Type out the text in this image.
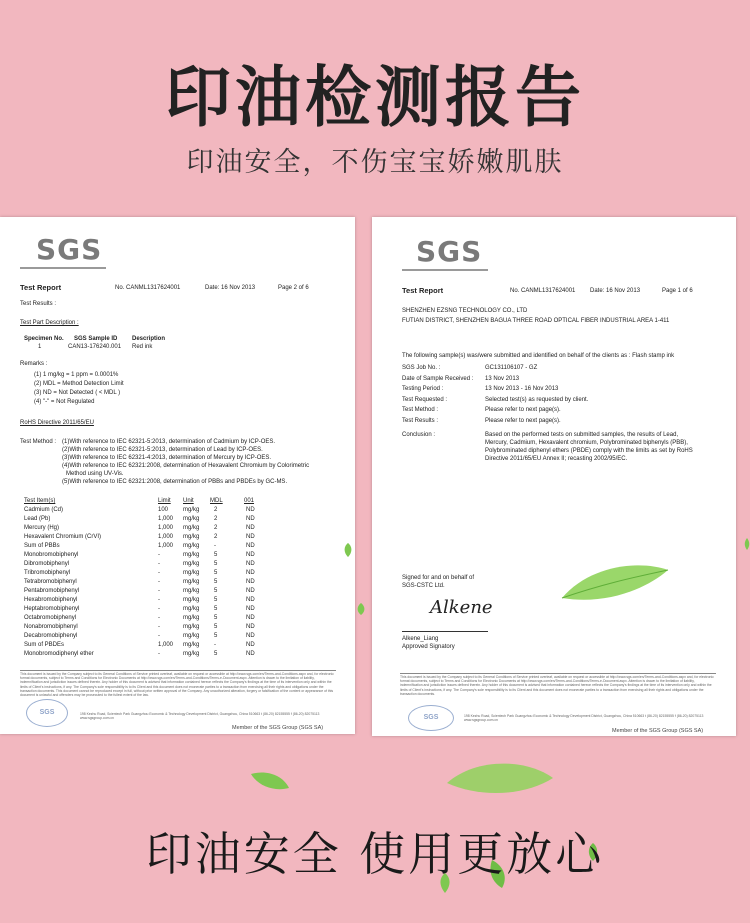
印油检测报告
印油安全，不伤宝宝娇嫩肌肤
SGS
Test Report	No. CANML1317624001	Date: 16 Nov 2013	Page 2 of 6
Test Results :
Test Part Description :
Specimen No. SGS Sample ID Description
1	CAN13-176240.001 Red ink
Remarks :
(1) 1 mg/kg = 1 ppm = 0.0001%
(2) MDL = Method Detection Limit
(3) ND = Not Detected ( < MDL )
(4) "-" = Not Regulated
RoHS Directive 2011/65/EU
Test Method : (1)With reference to IEC 62321-5:2013, determination of Cadmium by ICP-OES.
(2)With reference to IEC 62321-5:2013, determination of Lead by ICP-OES.
(3)With reference to IEC 62321-4:2013, determination of Mercury by ICP-OES.
(4)With reference to IEC 62321:2008, determination of Hexavalent Chromium by Colorimetric
Method using UV-Vis.
(5)With reference to IEC 62321:2008, determination of PBBs and PBDEs by GC-MS.
Test Item(s)	Limit Unit	MDL	001
Cadmium (Cd)	100 mg/kg 2	ND
Lead (Pb)	1,000 mg/kg 2	ND
Mercury (Hg)	1,000 mg/kg 2	ND
Hexavalent Chromium (CrVI)	1,000 mg/kg 2	ND
Sum of PBBs	1,000 mg/kg -	ND
Monobromobiphenyl	-	mg/kg 5	ND
Dibromobiphenyl	-	mg/kg 5	ND
Tribromobiphenyl	-	mg/kg 5	ND
Tetrabromobiphenyl	-	mg/kg 5	ND
Pentabromobiphenyl	-	mg/kg 5	ND
Hexabromobiphenyl	-	mg/kg 5	ND
Heptabromobiphenyl	-	mg/kg 5	ND
Octabromobiphenyl	-	mg/kg 5	ND
Nonabromobiphenyl	-	mg/kg 5	ND
Decabromobiphenyl	-	mg/kg 5	ND
Sum of PBDEs	1,000 mg/kg -	ND
Monobromodiphenyl ether	-	mg/kg 5	ND
This document is issued by the Company subject to its General Conditions of Service printed overleaf, available on request or accessible at http://www.sgs.com/en/Terms-and-Conditions.aspx and, for electronic format documents, subject to Terms and Conditions for Electronic Documents at http://www.sgs.com/en/Terms-and-Conditions/Terms-e-Document.aspx. Attention is drawn to the limitation of liability, indemnification and jurisdiction issues defined therein. Any holder of this document is advised that information contained hereon reflects the Company's findings at the time of its intervention only and within the limits of Client's instructions, if any. The Company's sole responsibility is to its Client and this document does not exonerate parties to a transaction from exercising all their rights and obligations under the transaction documents. This document cannot be reproduced except in full, without prior written approval of the Company. Any unauthorized alteration, forgery or falsification of the content or appearance of this document is unlawful and offenders may be prosecuted to the fullest extent of the law.
SGS	198 Kezhu Road, Scientech Park Guangzhou Economic & Technology Development District, Guangzhou, China 510663 t (86-20) 82155555 f (86-20) 82075113 www.sgsgroup.com.cn
Member of the SGS Group (SGS SA)
SGS
Test Report	No. CANML1317624001 Date: 16 Nov 2013	Page 1 of 6
SHENZHEN EZSNG TECHNOLOGY CO., LTD
FUTIAN DISTRICT, SHENZHEN BAGUA THREE ROAD OPTICAL FIBER INDUSTRIAL AREA 1-411
The following sample(s) was/were submitted and identified on behalf of the clients as : Flash stamp ink
SGS Job No. :	GC131106107 - GZ
Date of Sample Received : 13 Nov 2013
Testing Period :	13 Nov 2013 - 16 Nov 2013
Test Requested :	Selected test(s) as requested by client.
Test Method :	Please refer to next page(s).
Test Results :	Please refer to next page(s).
Conclusion :	Based on the performed tests on submitted samples, the results of Lead,
Mercury, Cadmium, Hexavalent chromium, Polybrominated biphenyls (PBB),
Polybrominated diphenyl ethers (PBDE) comply with the limits as set by RoHS
Directive 2011/65/EU Annex II; recasting 2002/95/EC.
Signed for and on behalf of
SGS-CSTC Ltd.
Alkene
Alkene_Liang
Approved Signatory
This document is issued by the Company subject to its General Conditions of Service printed overleaf, available on request or accessible at http://www.sgs.com/en/Terms-and-Conditions.aspx and, for electronic format documents, subject to Terms and Conditions for Electronic Documents at http://www.sgs.com/en/Terms-and-Conditions/Terms-e-Document.aspx. Attention is drawn to the limitation of liability, indemnification and jurisdiction issues defined therein. Any holder of this document is advised that information contained hereon reflects the Company's findings at the time of its intervention only and within the limits of Client's instructions, if any. The Company's sole responsibility is to its Client and this document does not exonerate parties to a transaction from exercising all their rights and obligations under the transaction documents.
SGS	198 Kezhu Road, Scientech Park Guangzhou Economic & Technology Development District, Guangzhou, China 510663 t (86-20) 82155555 f (86-20) 82075113 www.sgsgroup.com.cn
Member of the SGS Group (SGS SA)
印油安全 使用更放心
